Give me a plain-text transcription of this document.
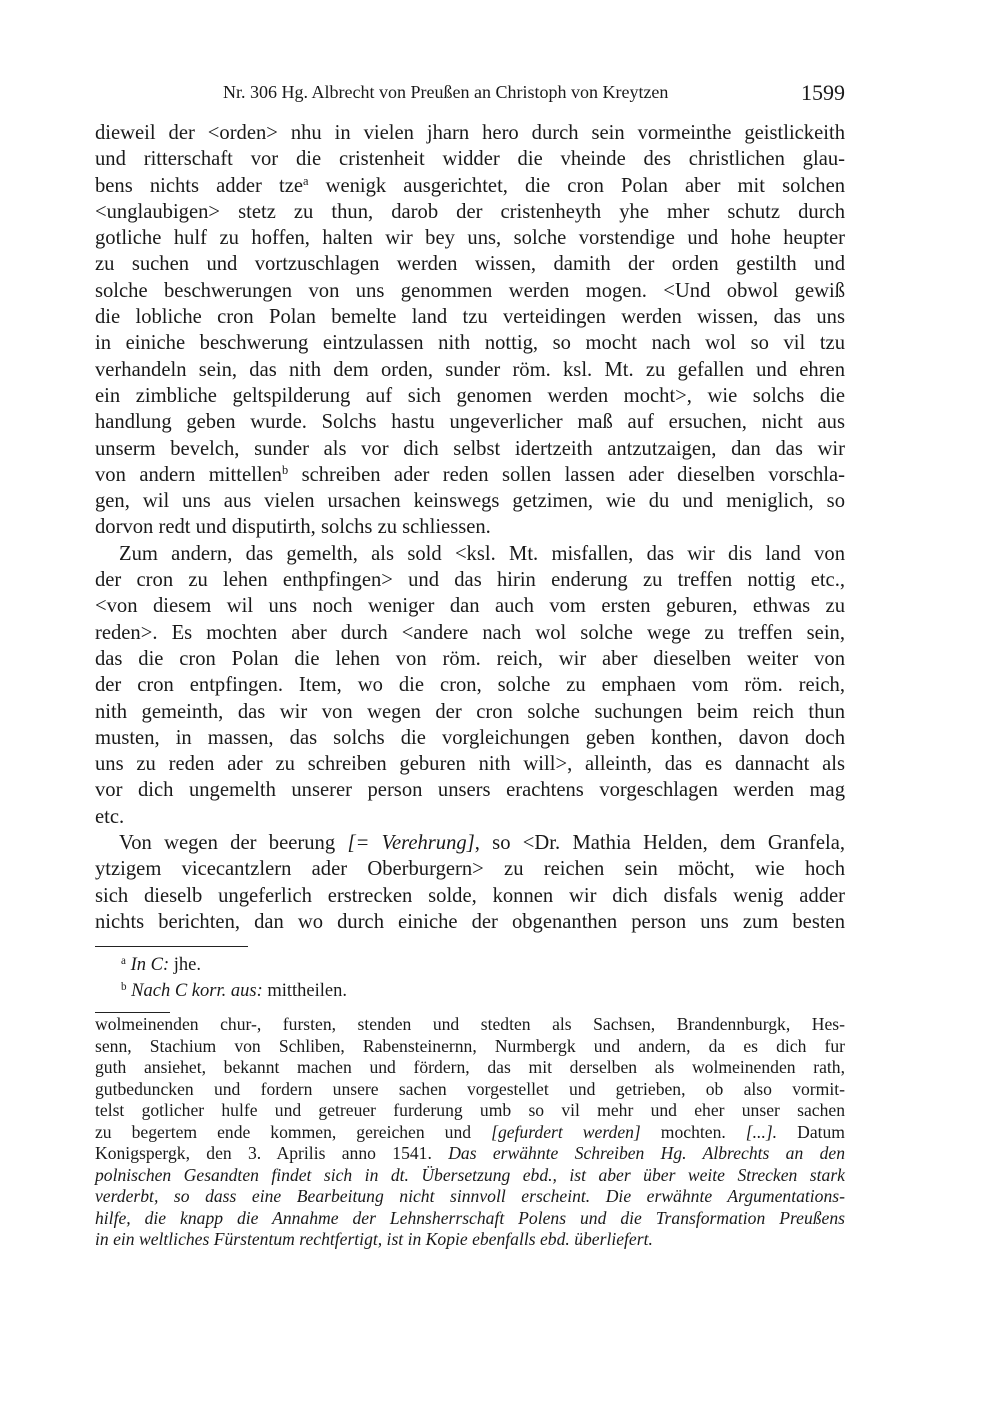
Nr. 306 Hg. Albrecht von Preußen an Christoph von Kreytzen	1599
dieweil der <orden> nhu in vielen jharn hero durch sein vormeinthe geistlickeith
und ritterschaft vor die cristenheit widder die vheinde des christlichen glau-
bens nichts adder tze$^a$ wenigk ausgerichtet, die cron Polan aber mit solchen
<unglaubigen> stetz zu thun, darob der cristenheyth yhe mher schutz durch
gotliche hulf zu hoffen, halten wir bey uns, solche vorstendige und hohe heupter
zu suchen und vortzuschlagen werden wissen, damith der orden gestilth und
solche beschwerungen von uns genommen werden mogen. <Und obwol gewiß
die lobliche cron Polan bemelte land tzu verteidingen werden wissen, das uns
in einiche beschwerung eintzulassen nith nottig, so mocht nach wol so vil tzu
verhandeln sein, das nith dem orden, sunder röm. ksl. Mt. zu gefallen und ehren
ein zimbliche geltspilderung auf sich genomen werden mocht>, wie solchs die
handlung geben wurde. Solchs hastu ungeverlicher maß auf ersuchen, nicht aus
unserm bevelch, sunder als vor dich selbst idertzeith antzutzaigen, dan das wir
von andern mittellen$^b$ schreiben ader reden sollen lassen ader dieselben vorschla-
gen, wil uns aus vielen ursachen keinswegs getzimen, wie du und meniglich, so
dorvon redt und disputirth, solchs zu schliessen.
Zum andern, das gemelth, als sold <ksl. Mt. misfallen, das wir dis land von
der cron zu lehen enthpfingen> und das hirin enderung zu treffen nottig etc.,
<von diesem wil uns noch weniger dan auch vom ersten geburen, ethwas zu
reden>. Es mochten aber durch <andere nach wol solche wege zu treffen sein,
das die cron Polan die lehen von röm. reich, wir aber dieselben weiter von
der cron entpfingen. Item, wo die cron, solche zu emphaen vom röm. reich,
nith gemeinth, das wir von wegen der cron solche suchungen beim reich thun
musten, in massen, das solchs die vorgleichungen geben konthen, davon doch
uns zu reden ader zu schreiben geburen nith will>, alleinth, das es dannacht als
vor dich ungemelth unserer person unsers erachtens vorgeschlagen werden mag
etc.
Von wegen der beerung [= Verehrung], so <Dr. Mathia Helden, dem Granfela,
ytzigem vicecantzlern ader Oberburgern> zu reichen sein möcht, wie hoch
sich dieselb ungeferlich erstrecken solde, konnen wir dich disfals wenig adder
nichts berichten, dan wo durch einiche der obgenanthen person uns zum besten
$^a$ In C: jhe.
$^b$ Nach C korr. aus: mittheilen.
wolmeinenden chur-, fursten, stenden und stedten als Sachsen, Brandennburgk, Hes-
senn, Stachium von Schliben, Rabensteinernn, Nurmbergk und andern, da es dich fur
guth ansiehet, bekannt machen und fördern, das mit derselben als wolmeinenden rath,
gutbeduncken und fordern unsere sachen vorgestellet und getrieben, ob also vormit-
telst gotlicher hulfe und getreuer furderung umb so vil mehr und eher unser sachen
zu begertem ende kommen, gereichen und [gefurdert werden] mochten. [...]. Datum
Konigspergk, den 3. Aprilis anno 1541. Das erwähnte Schreiben Hg. Albrechts an den
polnischen Gesandten findet sich in dt. Übersetzung ebd., ist aber über weite Strecken stark
verderbt, so dass eine Bearbeitung nicht sinnvoll erscheint. Die erwähnte Argumentations-
hilfe, die knapp die Annahme der Lehnsherrschaft Polens und die Transformation Preußens
in ein weltliches Fürstentum rechtfertigt, ist in Kopie ebenfalls ebd. überliefert.
